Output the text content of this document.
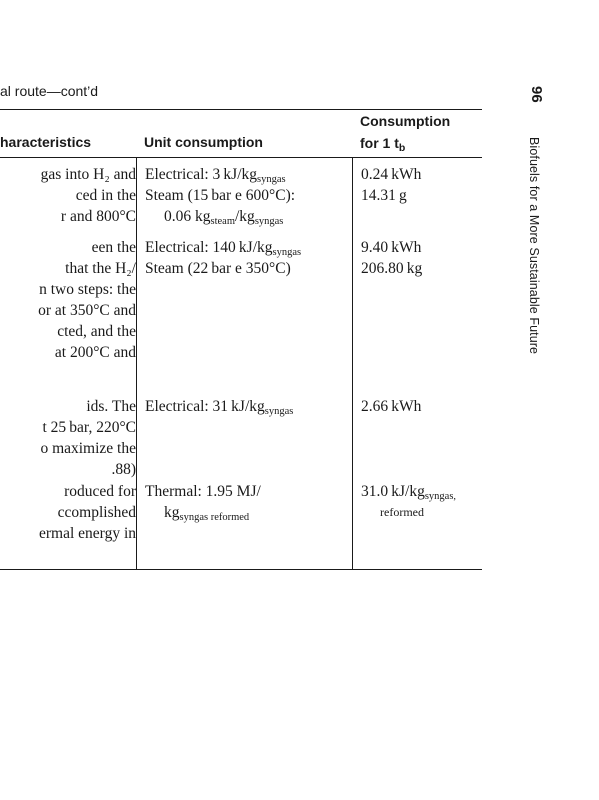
al route—cont’d
haracteristics	Unit consumption
Consumption
for 1 $t_b$
gas into H₂ and
ced in the
r and 800°C
Electrical: 3 $kJ/kg_{syngas}$
Steam (15 bar e 600°C):
0.06 $kg_{steam}/kg_{syngas}$
0.24 kWh
14.31 g
een the
that the H₂/
n two steps: the
or at 350°C and
cted, and the
at 200°C and
Electrical: 140 $kJ/kg_{syngas}$
Steam (22 bar e 350°C)
9.40 kWh
206.80 kg
ids. The
t 25 bar, 220°C
o maximize the
.88)
Electrical: 31 $kJ/kg_{syngas}$	2.66 kWh
roduced for
ccomplished
ermal energy in
Thermal: 1.95 MJ/
$kg_{syngas reformed}$
31.0 $kJ/kg_{syngas,}$
reformed
96
Biofuels for a More Sustainable Future
